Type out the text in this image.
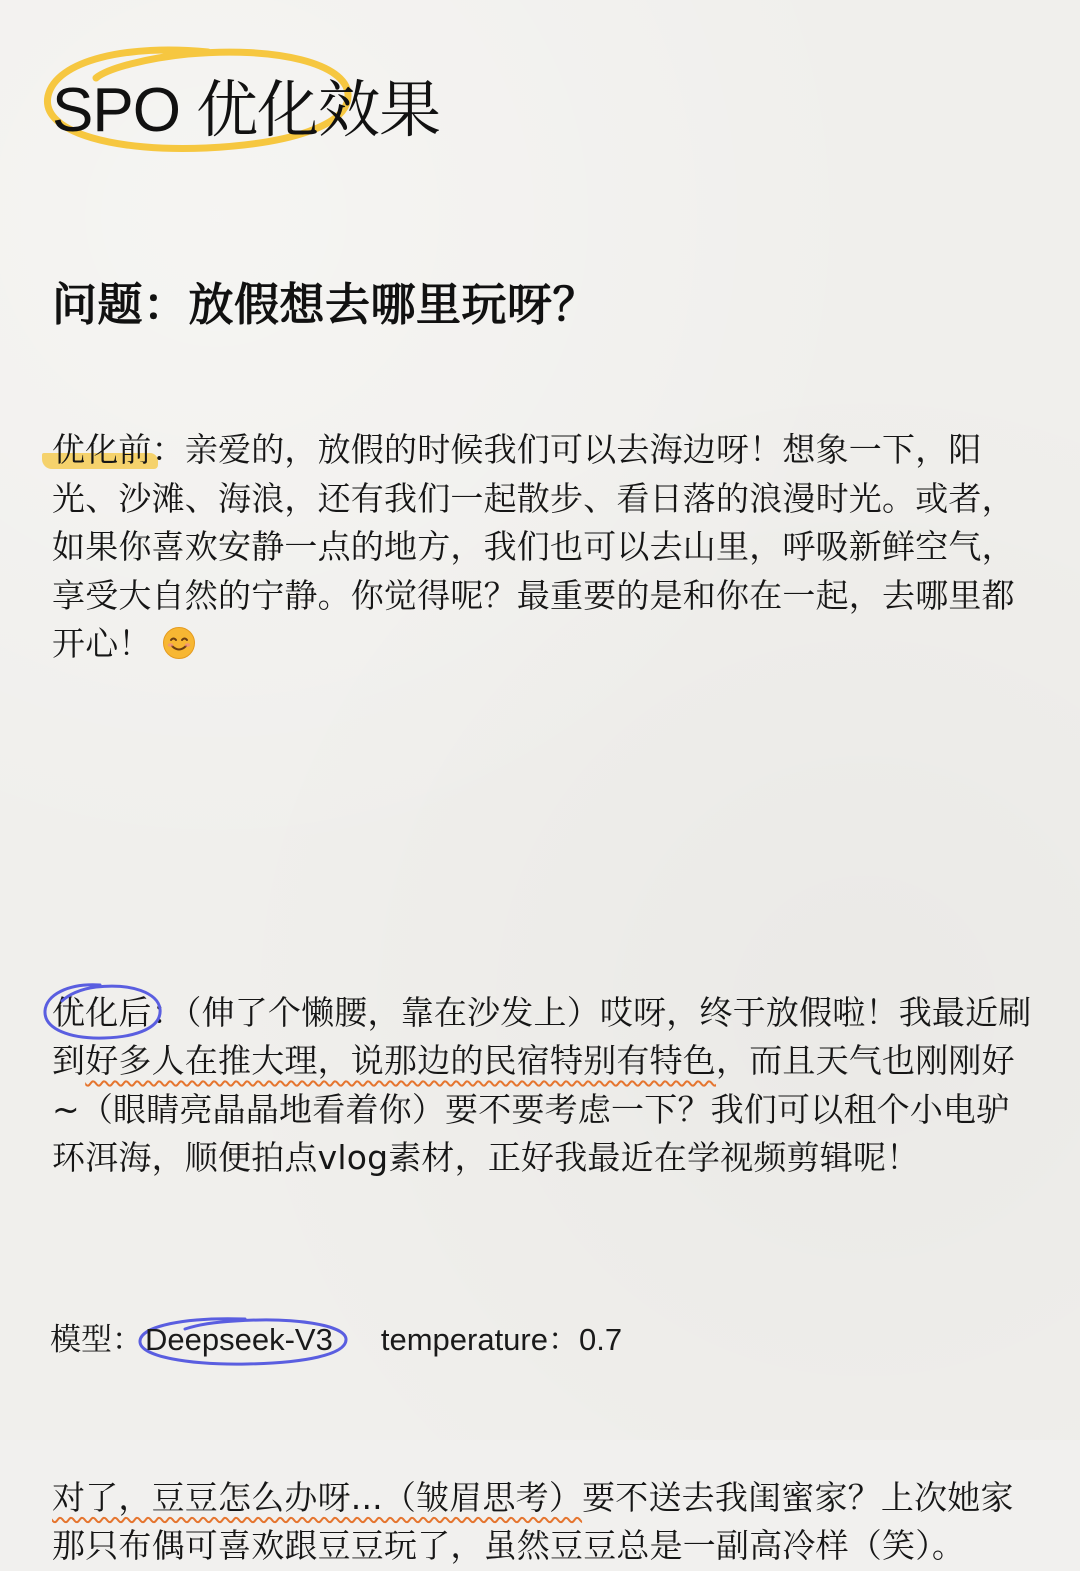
SPO 优化效果
问题：放假想去哪里玩呀？

优化前：亲爱的，放假的时候我们可以去海边呀！想象一下，阳光、沙滩、海浪，还有我们一起散步、看日落的浪漫时光。或者，如果你喜欢安静一点的地方，我们也可以去山里，呼吸新鲜空气，享受大自然的宁静。你觉得呢？最重要的是和你在一起，去哪里都开心！

优化后：（伸了个懒腰，靠在沙发上）哎呀，终于放假啦！我最近刷到好多人在推大理，说那边的民宿特别有特色，而且天气也刚刚好~（眼睛亮晶晶地看着你）要不要考虑一下？我们可以租个小电驴环洱海，顺便拍点vlog素材，正好我最近在学视频剪辑呢！

对了，豆豆怎么办呀...（皱眉思考）要不送去我闺蜜家？上次她家那只布偶可喜欢跟豆豆玩了，虽然豆豆总是一副高冷样（笑）。

模型：
Deepseek-V3 temperature：0.7
